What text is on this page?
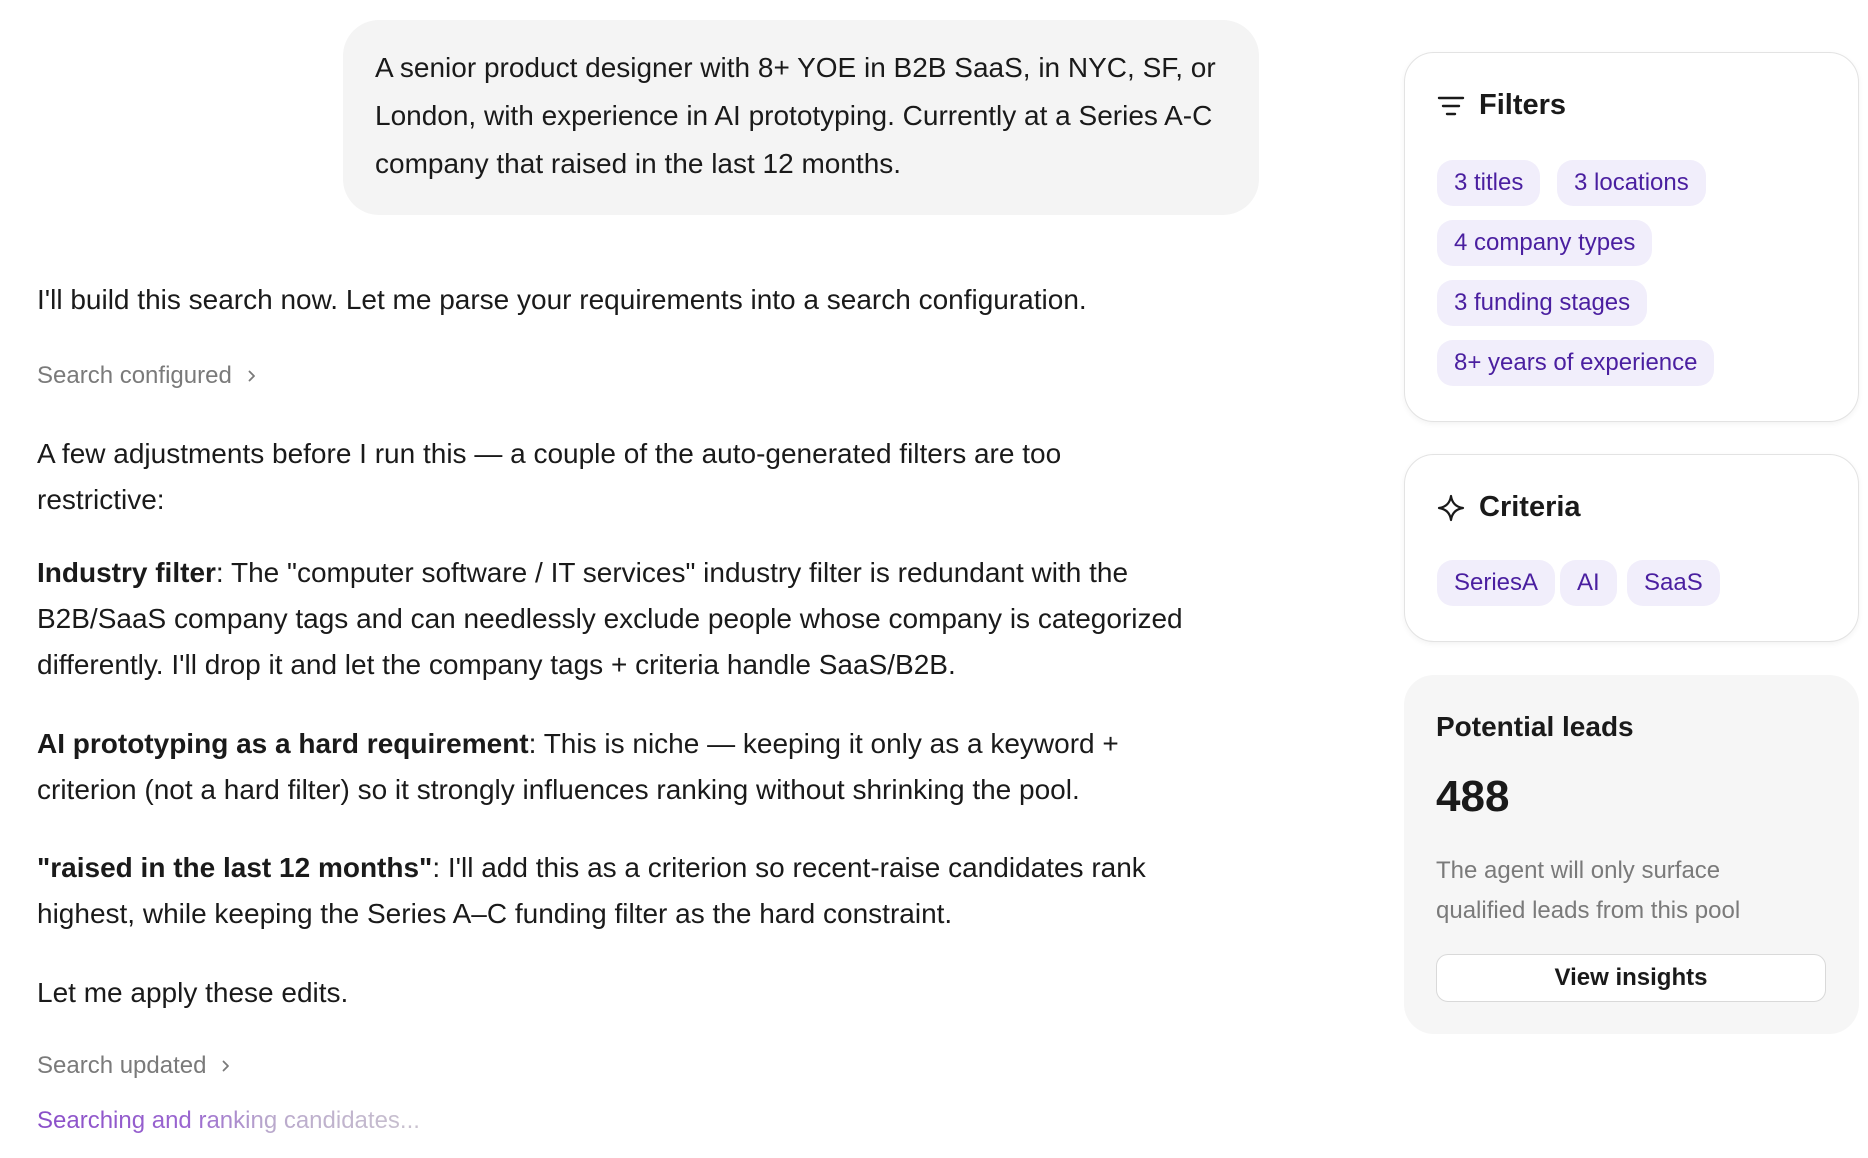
A senior product designer with 8+ YOE in B2B SaaS, in NYC, SF, or London, with experience in AI prototyping. Currently at a Series A-C company that raised in the last 12 months.
I'll build this search now. Let me parse your requirements into a search configuration.
Search configured
A few adjustments before I run this — a couple of the auto-generated filters are too restrictive:
Industry filter: The "computer software / IT services" industry filter is redundant with the B2B/SaaS company tags and can needlessly exclude people whose company is categorized differently. I'll drop it and let the company tags + criteria handle SaaS/B2B.
AI prototyping as a hard requirement: This is niche — keeping it only as a keyword + criterion (not a hard filter) so it strongly influences ranking without shrinking the pool.
"raised in the last 12 months": I'll add this as a criterion so recent-raise candidates rank highest, while keeping the Series A–C funding filter as the hard constraint.
Let me apply these edits.
Search updated
Searching and ranking candidates...
Filters
3 titles	3 locations
4 company types
3 funding stages
8+ years of experience
Criteria
SeriesA	AI	SaaS
Potential leads
488
The agent will only surface qualified leads from this pool
View insights
